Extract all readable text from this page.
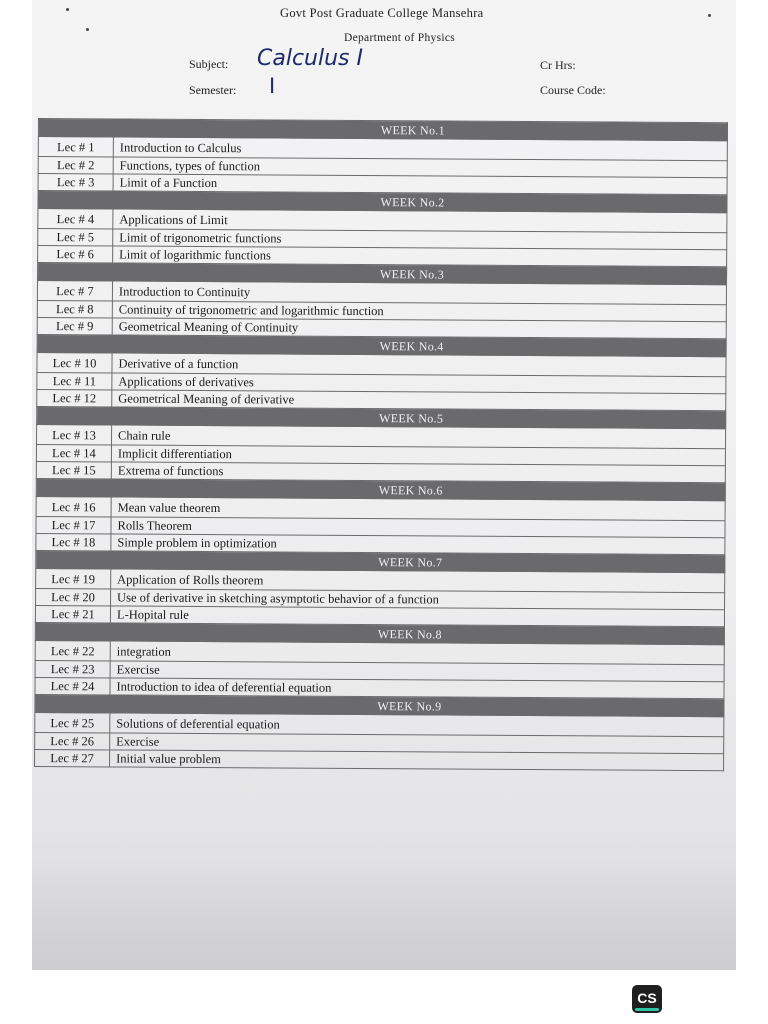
Govt Post Graduate College Mansehra
Department of Physics
Subject: Calculus I
Semester: I
Cr Hrs:
Course Code:
WEEK No.1	
Lec # 1	Introduction to Calculus
Lec # 2	Functions, types of function
Lec # 3	Limit of a Function
WEEK No.2	
Lec # 4	Applications of Limit
Lec # 5	Limit of trigonometric functions
Lec # 6	Limit of logarithmic functions
WEEK No.3	
Lec # 7	Introduction to Continuity
Lec # 8	Continuity of trigonometric and logarithmic function
Lec # 9	Geometrical Meaning of Continuity
WEEK No.4	
Lec # 10	Derivative of a function
Lec # 11	Applications of derivatives
Lec # 12	Geometrical Meaning of derivative
WEEK No.5	
Lec # 13	Chain rule
Lec # 14	Implicit differentiation
Lec # 15	Extrema of functions
WEEK No.6	
Lec # 16	Mean value theorem
Lec # 17	Rolls Theorem
Lec # 18	Simple problem in optimization
WEEK No.7	
Lec # 19	Application of Rolls theorem
Lec # 20	Use of derivative in sketching asymptotic behavior of a function
Lec # 21	L-Hopital rule
WEEK No.8	
Lec # 22	integration
Lec # 23	Exercise
Lec # 24	Introduction to idea of deferential equation
WEEK No.9	
Lec # 25	Solutions of deferential equation
Lec # 26	Exercise
Lec # 27	Initial value problem
CS
